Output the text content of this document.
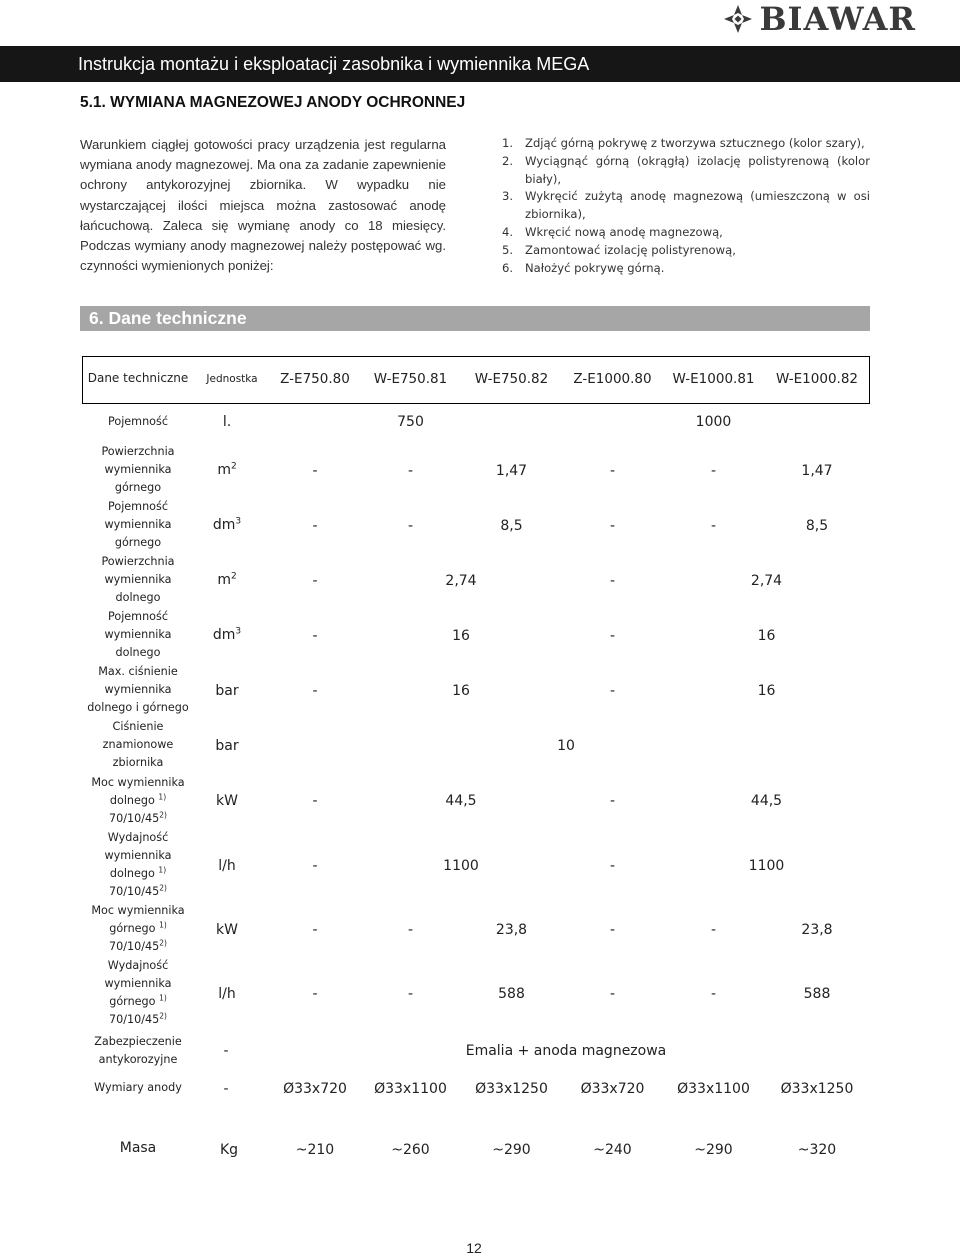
BIAWAR
Instrukcja montażu i eksploatacji zasobnika i wymiennika MEGA
5.1. WYMIANA MAGNEZOWEJ ANODY OCHRONNEJ
Warunkiem ciągłej gotowości pracy urządzenia jest regularna wymiana anody magnezowej. Ma ona za zadanie zapewnienie ochrony antykorozyjnej zbiornika. W wypadku nie wystarczającej ilości miejsca można zastosować anodę łańcuchową. Zaleca się wymianę anody co 18 miesięcy. Podczas wymiany anody magnezowej należy postępować wg. czynności wymienionych poniżej:
1.	Zdjąć górną pokrywę z tworzywa sztucznego (kolor szary),
2.	Wyciągnąć górną (okrągłą) izolację polistyrenową (kolor biały),
3.	Wykręcić zużytą anodę magnezową (umieszczoną w osi zbiornika),
4.	Wkręcić nową anodę magnezową,
5.	Zamontować izolację polistyrenową,
6.	Nałożyć pokrywę górną.
6. Dane techniczne
Dane techniczne	Jednostka	Z-E750.80	W-E750.81	W-E750.82	Z-E1000.80	W-E1000.81	W-E1000.82
Pojemność	l.	750	1000
Powierzchnia
wymiennika
górnego
$m^2$	-	-	1,47	-	-	1,47
Pojemność
wymiennika
górnego
$dm^3$	-	-	8,5	-	-	8,5
Powierzchnia
wymiennika
dolnego
$m^2$	-	2,74	-	2,74
Pojemność
wymiennika
dolnego
$dm^3$	-	16	-	16
Max. ciśnienie
wymiennika
dolnego i górnego
bar	-	16	-	16
Ciśnienie
znamionowe
zbiornika
bar	10
Moc wymiennika
dolnego $^{1)}$
70/10/45$^{2)}$
kW	-	44,5	-	44,5
Wydajność
wymiennika
dolnego $^{1)}$
70/10/45$^{2)}$
l/h	-	1100	-	1100
Moc wymiennika
górnego $^{1)}$
70/10/45$^{2)}$
kW	-	-	23,8	-	-	23,8
Wydajność
wymiennika
górnego $^{1)}$
70/10/45$^{2)}$
l/h	-	-	588	-	-	588
Zabezpieczenie
antykorozyjne
-	Emalia + anoda magnezowa
Wymiary anody	-	Ø33x720	Ø33x1100	Ø33x1250	Ø33x720	Ø33x1100	Ø33x1250
Masa	Kg	~210	~260	~290	~240	~290	~320
12
